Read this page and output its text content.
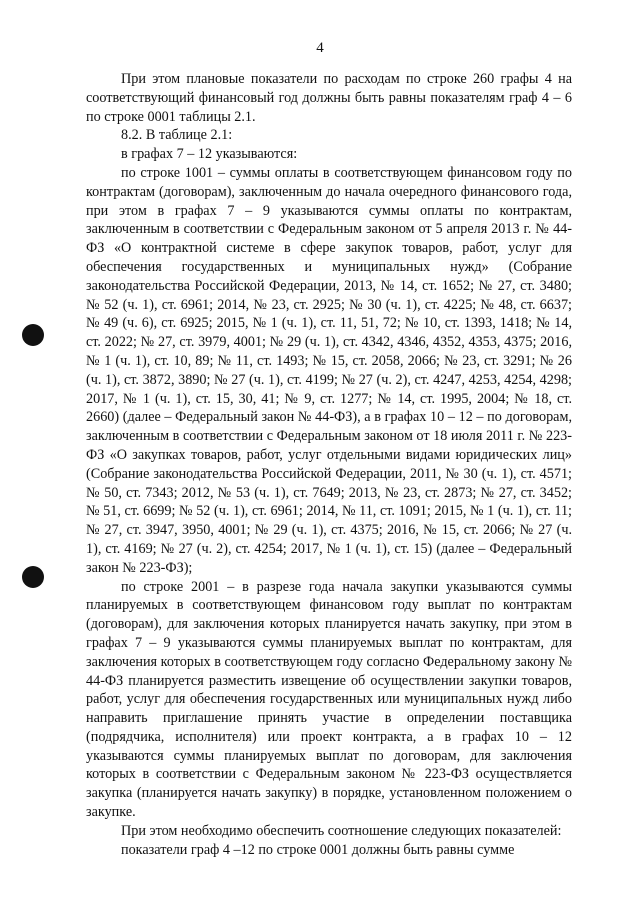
4

При этом плановые показатели по расходам по строке 260 графы 4 на соответствующий финансовый год должны быть равны показателям граф 4 – 6 по строке 0001 таблицы 2.1.

8.2. В таблице 2.1:

в графах 7 – 12 указываются:

по строке 1001 – суммы оплаты в соответствующем финансовом году по контрактам (договорам), заключенным до начала очередного финансового года, при этом в графах 7 – 9 указываются суммы оплаты по контрактам, заключенным в соответствии с Федеральным законом от 5 апреля 2013 г. № 44-ФЗ «О контрактной системе в сфере закупок товаров, работ, услуг для обеспечения государственных и муниципальных нужд» (Собрание законодательства Российской Федерации, 2013, № 14, ст. 1652; № 27, ст. 3480; № 52 (ч. 1), ст. 6961; 2014, № 23, ст. 2925; № 30 (ч. 1), ст. 4225; № 48, ст. 6637; № 49 (ч. 6), ст. 6925; 2015, № 1 (ч. 1), ст. 11, 51, 72; № 10, ст. 1393, 1418; № 14, ст. 2022; № 27, ст. 3979, 4001; № 29 (ч. 1), ст. 4342, 4346, 4352, 4353, 4375; 2016, № 1 (ч. 1), ст. 10, 89; № 11, ст. 1493; № 15, ст. 2058, 2066; № 23, ст. 3291; № 26 (ч. 1), ст. 3872, 3890; № 27 (ч. 1), ст. 4199; № 27 (ч. 2), ст. 4247, 4253, 4254, 4298; 2017, № 1 (ч. 1), ст. 15, 30, 41; № 9, ст. 1277; № 14, ст. 1995, 2004; № 18, ст. 2660) (далее – Федеральный закон № 44-ФЗ), а в графах 10 – 12 – по договорам, заключенным в соответствии с Федеральным законом от 18 июля 2011 г. № 223-ФЗ «О закупках товаров, работ, услуг отдельными видами юридических лиц» (Собрание законодательства Российской Федерации, 2011, № 30 (ч. 1), ст. 4571; № 50, ст. 7343; 2012, № 53 (ч. 1), ст. 7649; 2013, № 23, ст. 2873; № 27, ст. 3452; № 51, ст. 6699; № 52 (ч. 1), ст. 6961; 2014, № 11, ст. 1091; 2015, № 1 (ч. 1), ст. 11; № 27, ст. 3947, 3950, 4001; № 29 (ч. 1), ст. 4375; 2016, № 15, ст. 2066; № 27 (ч. 1), ст. 4169; № 27 (ч. 2), ст. 4254; 2017, № 1 (ч. 1), ст. 15) (далее – Федеральный закон № 223-ФЗ);

по строке 2001 – в разрезе года начала закупки указываются суммы планируемых в соответствующем финансовом году выплат по контрактам (договорам), для заключения которых планируется начать закупку, при этом в графах 7 – 9 указываются суммы планируемых выплат по контрактам, для заключения которых в соответствующем году согласно Федеральному закону № 44-ФЗ планируется разместить извещение об осуществлении закупки товаров, работ, услуг для обеспечения государственных или муниципальных нужд либо направить приглашение принять участие в определении поставщика (подрядчика, исполнителя) или проект контракта, а в графах 10 – 12 указываются суммы планируемых выплат по договорам, для заключения которых в соответствии с Федеральным законом № 223-ФЗ осуществляется закупка (планируется начать закупку) в порядке, установленном положением о закупке.

При этом необходимо обеспечить соотношение следующих показателей:

показатели граф 4 –12 по строке 0001 должны быть равны сумме
